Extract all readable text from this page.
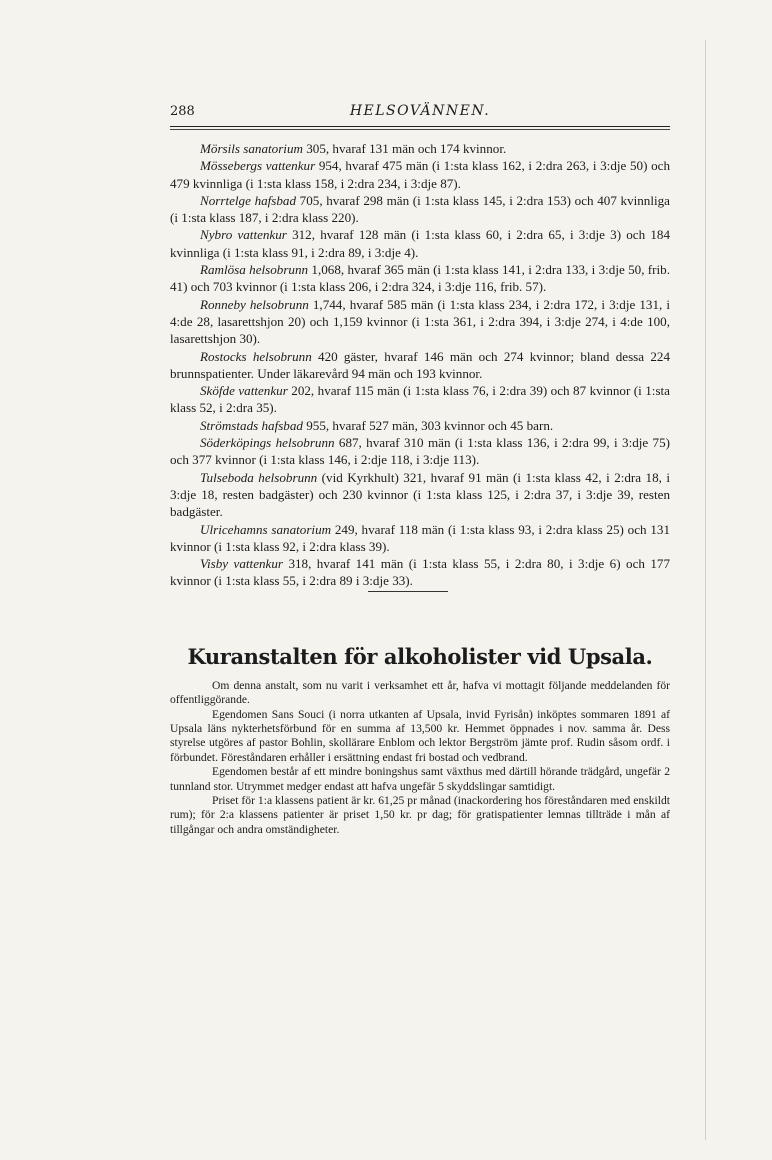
288	HELSOVÄNNEN.

Mörsils sanatorium 305, hvaraf 131 män och 174 kvinnor.

Mössebergs vattenkur 954, hvaraf 475 män (i 1:sta klass 162, i 2:dra 263, i 3:dje 50) och 479 kvinnliga (i 1:sta klass 158, i 2:dra 234, i 3:dje 87).

Norrtelge hafsbad 705, hvaraf 298 män (i 1:sta klass 145, i 2:dra 153) och 407 kvinnliga (i 1:sta klass 187, i 2:dra klass 220).

Nybro vattenkur 312, hvaraf 128 män (i 1:sta klass 60, i 2:dra 65, i 3:dje 3) och 184 kvinnliga (i 1:sta klass 91, i 2:dra 89, i 3:dje 4).

Ramlösa helsobrunn 1,068, hvaraf 365 män (i 1:sta klass 141, i 2:dra 133, i 3:dje 50, frib. 41) och 703 kvinnor (i 1:sta klass 206, i 2:dra 324, i 3:dje 116, frib. 57).

Ronneby helsobrunn 1,744, hvaraf 585 män (i 1:sta klass 234, i 2:dra 172, i 3:dje 131, i 4:de 28, lasarettshjon 20) och 1,159 kvinnor (i 1:sta 361, i 2:dra 394, i 3:dje 274, i 4:de 100, lasarettshjon 30).

Rostocks helsobrunn 420 gäster, hvaraf 146 män och 274 kvinnor; bland dessa 224 brunnspatienter. Under läkarevård 94 män och 193 kvinnor.

Sköfde vattenkur 202, hvaraf 115 män (i 1:sta klass 76, i 2:dra 39) och 87 kvinnor (i 1:sta klass 52, i 2:dra 35).

Strömstads hafsbad 955, hvaraf 527 män, 303 kvinnor och 45 barn.

Söderköpings helsobrunn 687, hvaraf 310 män (i 1:sta klass 136, i 2:dra 99, i 3:dje 75) och 377 kvinnor (i 1:sta klass 146, i 2:dje 118, i 3:dje 113).

Tulseboda helsobrunn (vid Kyrkhult) 321, hvaraf 91 män (i 1:sta klass 42, i 2:dra 18, i 3:dje 18, resten badgäster) och 230 kvinnor (i 1:sta klass 125, i 2:dra 37, i 3:dje 39, resten badgäster.

Ulricehamns sanatorium 249, hvaraf 118 män (i 1:sta klass 93, i 2:dra klass 25) och 131 kvinnor (i 1:sta klass 92, i 2:dra klass 39).

Visby vattenkur 318, hvaraf 141 män (i 1:sta klass 55, i 2:dra 80, i 3:dje 6) och 177 kvinnor (i 1:sta klass 55, i 2:dra 89 i 3:dje 33).

Kuranstalten för alkoholister vid Upsala.

Om denna anstalt, som nu varit i verksamhet ett år, hafva vi mottagit följande meddelanden för offentliggörande.

Egendomen Sans Souci (i norra utkanten af Upsala, invid Fyrisån) inköptes sommaren 1891 af Upsala läns nykterhetsförbund för en summa af 13,500 kr. Hemmet öppnades i nov. samma år. Dess styrelse utgöres af pastor Bohlin, skollärare Enblom och lektor Bergström jämte prof. Rudin såsom ordf. i förbundet. Föreståndaren erhåller i ersättning endast fri bostad och vedbrand.

Egendomen består af ett mindre boningshus samt växthus med därtill hörande trädgård, ungefär 2 tunnland stor. Utrymmet medger endast att hafva ungefär 5 skyddslingar samtidigt.

Priset för 1:a klassens patient är kr. 61,25 pr månad (inackordering hos föreståndaren med enskildt rum); för 2:a klassens patienter är priset 1,50 kr. pr dag; för gratispatienter lemnas tillträde i mån af tillgångar och andra omständigheter.
